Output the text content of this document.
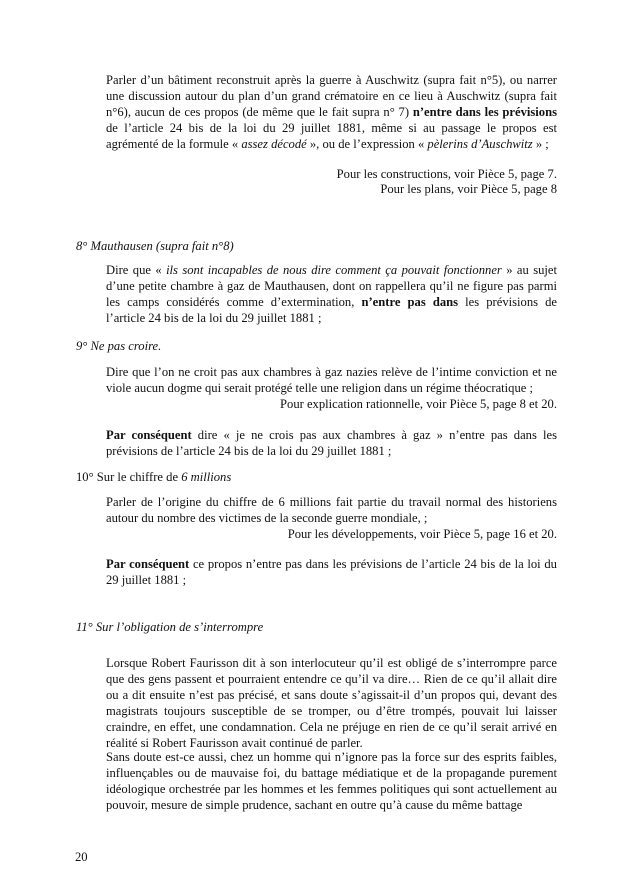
Parler d’un bâtiment reconstruit après la guerre à Auschwitz (supra fait n°5), ou narrer une discussion autour du plan d’un grand crématoire en ce lieu à Auschwitz (supra fait n°6), aucun de ces propos (de même que le fait supra n° 7) n’entre dans les prévisions de l’article 24 bis de la loi du 29 juillet 1881, même si au passage le propos est agrémenté de la formule « assez décodé », ou de l’expression « pèlerins d’Auschwitz » ;

Pour les constructions, voir Pièce 5, page 7.

Pour les plans, voir Pièce 5, page 8

8° Mauthausen (supra fait n°8)

Dire que « ils sont incapables de nous dire comment ça pouvait fonctionner » au sujet d’une petite chambre à gaz de Mauthausen, dont on rappellera qu’il ne figure pas parmi les camps considérés comme d’extermination, n’entre pas dans les prévisions de l’article 24 bis de la loi du 29 juillet 1881 ;

9° Ne pas croire.

Dire que l’on ne croit pas aux chambres à gaz nazies relève de l’intime conviction et ne viole aucun dogme qui serait protégé telle une religion dans un régime théocratique ;

Pour explication rationnelle, voir Pièce 5, page 8 et 20.

Par conséquent dire « je ne crois pas aux chambres à gaz » n’entre pas dans les prévisions de l’article 24 bis de la loi du 29 juillet 1881 ;

10° Sur le chiffre de 6 millions

Parler de l’origine du chiffre de 6 millions fait partie du travail normal des historiens autour du nombre des victimes de la seconde guerre mondiale, ;

Pour les développements, voir Pièce 5, page 16 et 20.

Par conséquent ce propos n’entre pas dans les prévisions de l’article 24 bis de la loi du 29 juillet 1881 ;

11° Sur l’obligation de s’interrompre

Lorsque Robert Faurisson dit à son interlocuteur qu’il est obligé de s’interrompre parce que des gens passent et pourraient entendre ce qu’il va dire… Rien de ce qu’il allait dire ou a dit ensuite n’est pas précisé, et sans doute s’agissait-il d’un propos qui, devant des magistrats toujours susceptible de se tromper, ou d’être trompés, pouvait lui laisser craindre, en effet, une condamnation. Cela ne préjuge en rien de ce qu’il serait arrivé en réalité si Robert Faurisson avait continué de parler.

Sans doute est-ce aussi, chez un homme qui n’ignore pas la force sur des esprits faibles, influençables ou de mauvaise foi, du battage médiatique et de la propagande purement idéologique orchestrée par les hommes et les femmes politiques qui sont actuellement au pouvoir, mesure de simple prudence, sachant en outre qu’à cause du même battage

20
